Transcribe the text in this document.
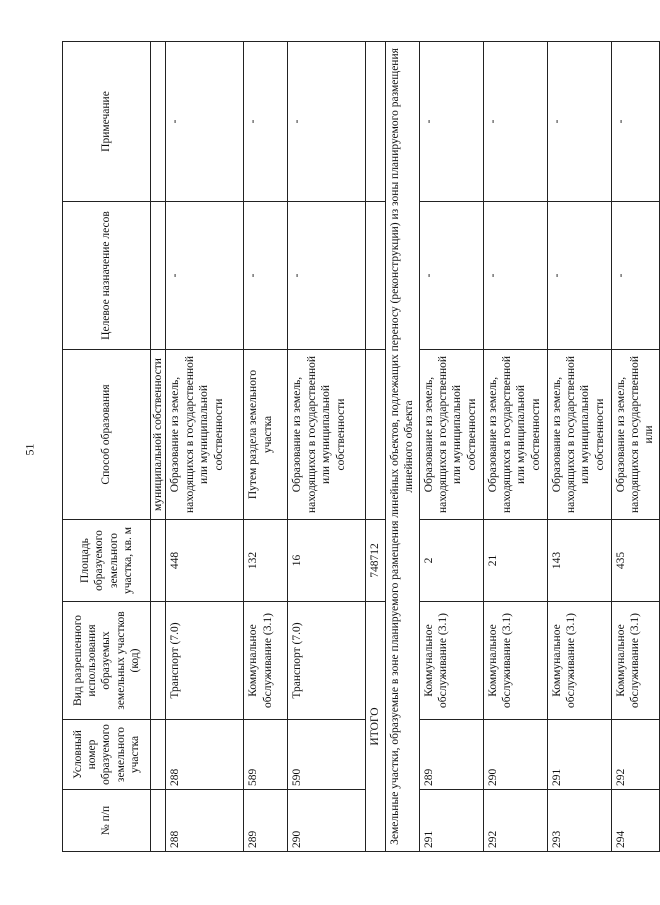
51
№ п/п	Условный номер образуемого земельного участка	Вид разрешенного использования образуемых земельных участков (код)	Площадь образуемого земельного участка, кв. м	Способ образования	Целевое назначение лесов	Примечание
				муниципальной собственности		
288	288	Транспорт (7.0)	448	Образование из земель, находящихся в государственной или муниципальной собственности	-	-
289	589	Коммунальное обслуживание (3.1)	132	Путем раздела земельного участка	-	-
290	590	Транспорт (7.0)	16	Образование из земель, находящихся в государственной или муниципальной собственности	-	-
ИТОГО			748712			
Земельные участки, образуемые в зоне планируемого размещения линейных объектов, подлежащих переносу (реконструкции) из зоны планируемого размещения линейного объекта						
291	289	Коммунальное обслуживание (3.1)	2	Образование из земель, находящихся в государственной или муниципальной собственности	-	-
292	290	Коммунальное обслуживание (3.1)	21	Образование из земель, находящихся в государственной или муниципальной собственности	-	-
293	291	Коммунальное обслуживание (3.1)	143	Образование из земель, находящихся в государственной или муниципальной собственности	-	-
294	292	Коммунальное обслуживание (3.1)	435	Образование из земель, находящихся в государственной или	-	-
